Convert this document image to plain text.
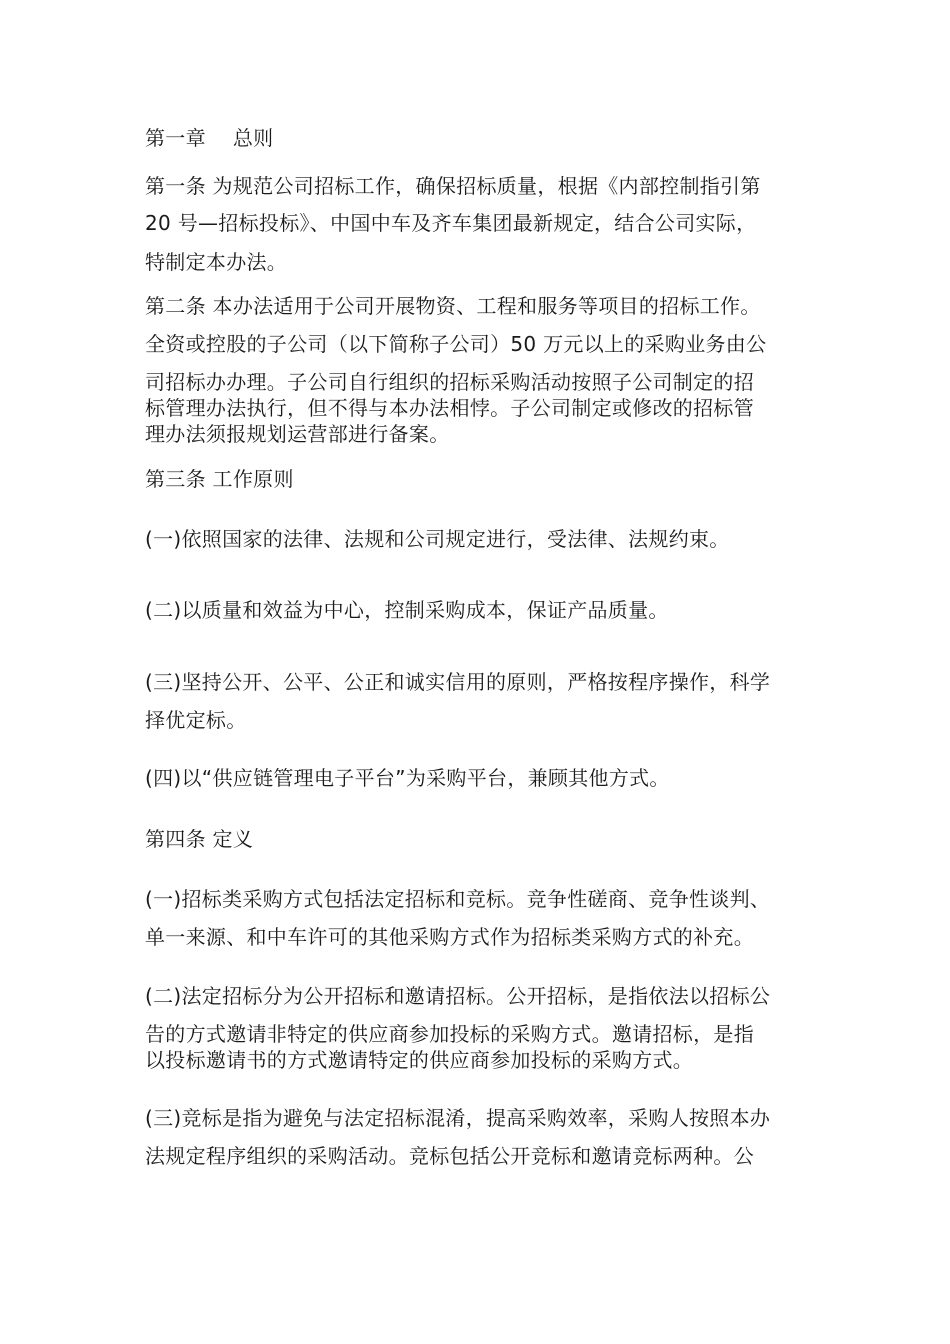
第一章　 总则
第一条 为规范公司招标工作，确保招标质量，根据《内部控制指引第
20 号—招标投标》、中国中车及齐车集团最新规定，结合公司实际，
特制定本办法。
第二条 本办法适用于公司开展物资、工程和服务等项目的招标工作。
全资或控股的子公司（以下简称子公司）50 万元以上的采购业务由公
司招标办办理。子公司自行组织的招标采购活动按照子公司制定的招
标管理办法执行，但不得与本办法相悖。子公司制定或修改的招标管
理办法须报规划运营部进行备案。
第三条 工作原则
(一)依照国家的法律、法规和公司规定进行，受法律、法规约束。
(二)以质量和效益为中心，控制采购成本，保证产品质量。
(三)坚持公开、公平、公正和诚实信用的原则，严格按程序操作，科学
择优定标。
(四)以“供应链管理电子平台”为采购平台，兼顾其他方式。
第四条 定义
(一)招标类采购方式包括法定招标和竞标。竞争性磋商、竞争性谈判、
单一来源、和中车许可的其他采购方式作为招标类采购方式的补充。
(二)法定招标分为公开招标和邀请招标。公开招标，是指依法以招标公
告的方式邀请非特定的供应商参加投标的采购方式。邀请招标，是指
以投标邀请书的方式邀请特定的供应商参加投标的采购方式。
(三)竞标是指为避免与法定招标混淆，提高采购效率，采购人按照本办
法规定程序组织的采购活动。竞标包括公开竞标和邀请竞标两种。公
